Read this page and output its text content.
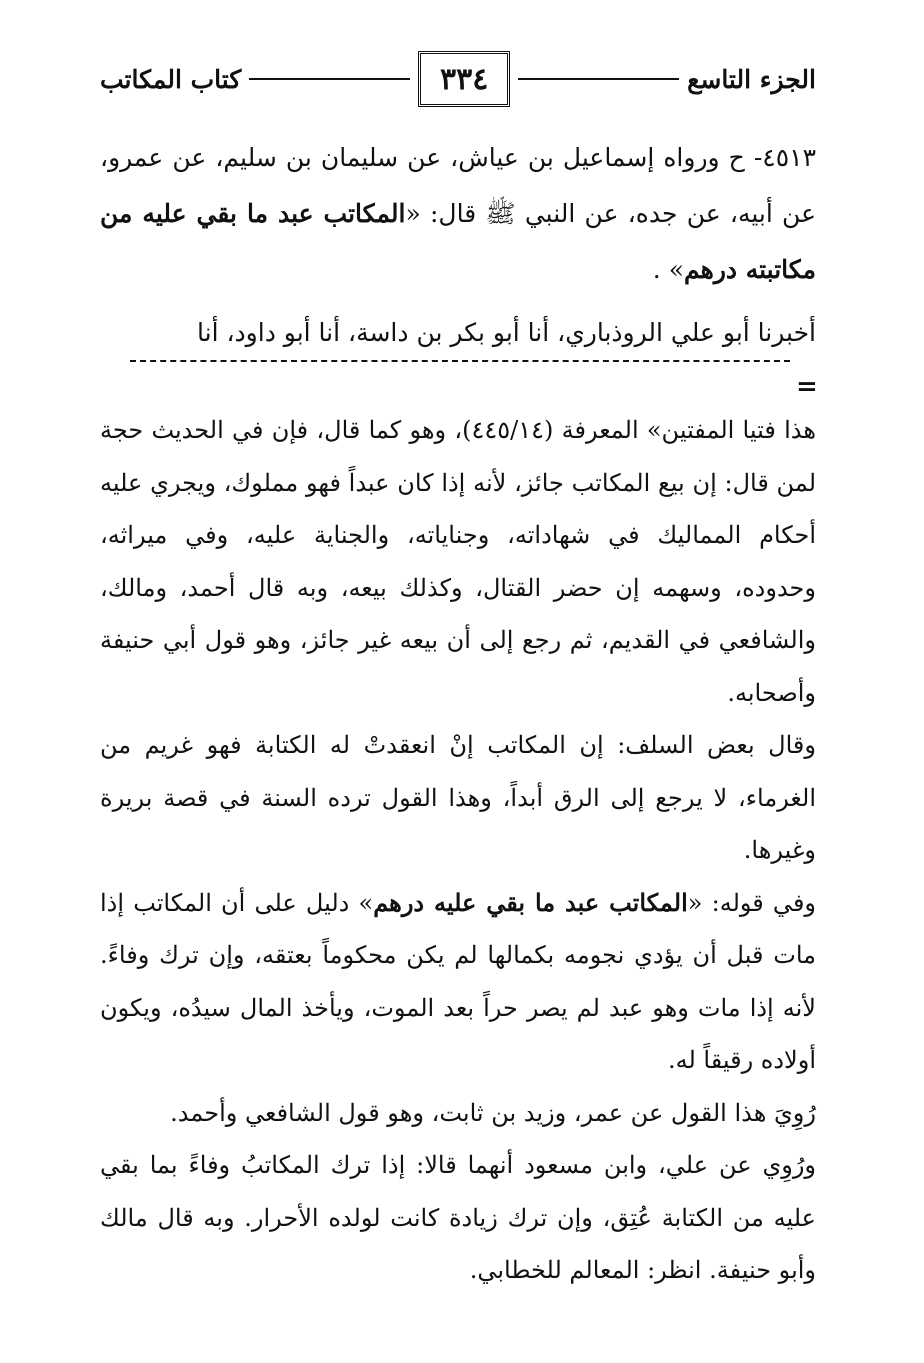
الجزء التاسع
٣٣٤
كتاب المكاتب
٤٥١٣- ح ورواه إسماعيل بن عياش، عن سليمان بن سليم، عن عمرو، عن أبيه، عن جده، عن النبي ﷺ قال: «المكاتب عبد ما بقي عليه من مكاتبته درهم» .
أخبرنا أبو علي الروذباري، أنا أبو بكر بن داسة، أنا أبو داود، أنا
=

هذا فتيا المفتين» المعرفة (٤٤٥/١٤)، وهو كما قال، فإن في الحديث حجة لمن قال: إن بيع المكاتب جائز، لأنه إذا كان عبداً فهو مملوك، ويجري عليه أحكام المماليك في شهاداته، وجناياته، والجناية عليه، وفي ميراثه، وحدوده، وسهمه إن حضر القتال، وكذلك بيعه، وبه قال أحمد، ومالك، والشافعي في القديم، ثم رجع إلى أن بيعه غير جائز، وهو قول أبي حنيفة وأصحابه.

وقال بعض السلف: إن المكاتب إنْ انعقدتْ له الكتابة فهو غريم من الغرماء، لا يرجع إلى الرق أبداً، وهذا القول ترده السنة في قصة بريرة وغيرها.

وفي قوله: «المكاتب عبد ما بقي عليه درهم» دليل على أن المكاتب إذا مات قبل أن يؤدي نجومه بكمالها لم يكن محكوماً بعتقه، وإن ترك وفاءً. لأنه إذا مات وهو عبد لم يصر حراً بعد الموت، ويأخذ المال سيدُه، ويكون أولاده رقيقاً له.

رُوِيَ هذا القول عن عمر، وزيد بن ثابت، وهو قول الشافعي وأحمد.

ورُوِي عن علي، وابن مسعود أنهما قالا: إذا ترك المكاتبُ وفاءً بما بقي عليه من الكتابة عُتِق، وإن ترك زيادة كانت لولده الأحرار. وبه قال مالك وأبو حنيفة. انظر: المعالم للخطابي.
